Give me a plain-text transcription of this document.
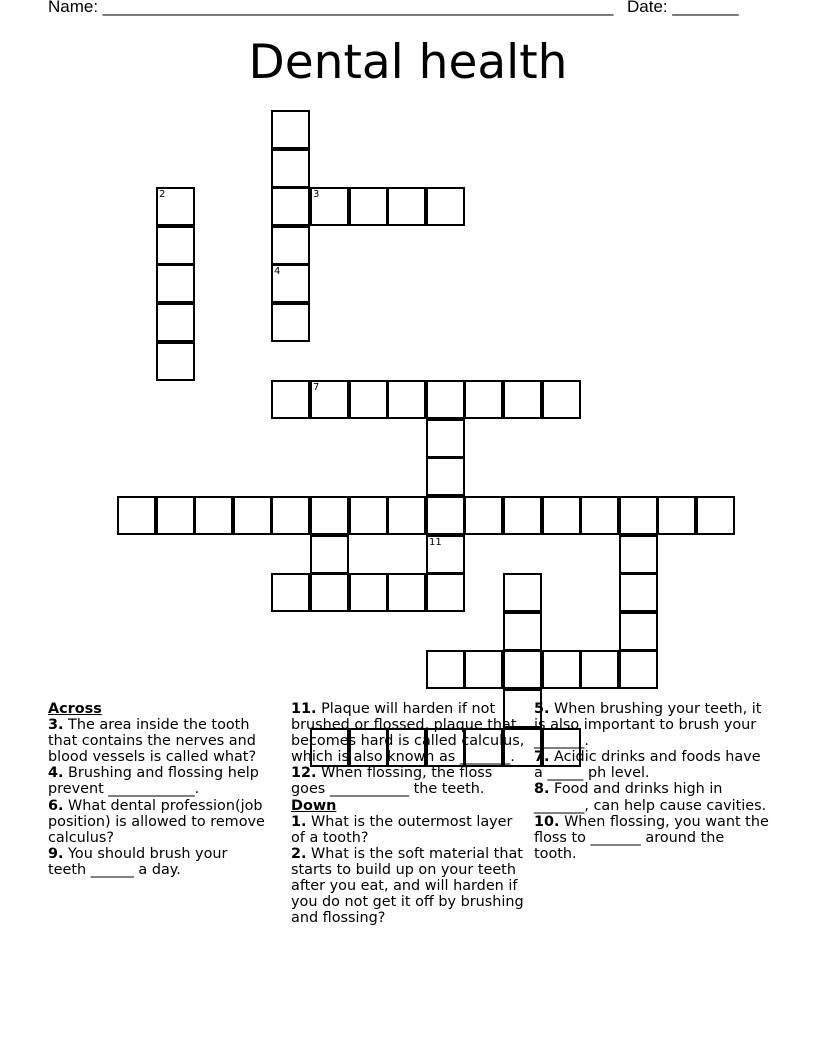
Name: ______________________________________________________ Date: _______
Dental health
4
2	3
7
11
Across
3. The area inside the tooth that contains the nerves and blood vessels is called what?
4. Brushing and flossing help prevent ____________.
6. What dental profession(job position) is allowed to remove calculus?
9. You should brush your teeth ______ a day.
11. Plaque will harden if not brushed or flossed, plaque that becomes hard is called calculus, which is also known as _______.
12. When flossing, the floss goes ___________ the teeth.
Down
1. What is the outermost layer of a tooth?
2. What is the soft material that starts to build up on your teeth after you eat, and will harden if you do not get it off by brushing and flossing?
5. When brushing your teeth, it is also important to brush your _______.
7. Acidic drinks and foods have a _____ ph level.
8. Food and drinks high in _______, can help cause cavities.
10. When flossing, you want the floss to _______ around the tooth.
